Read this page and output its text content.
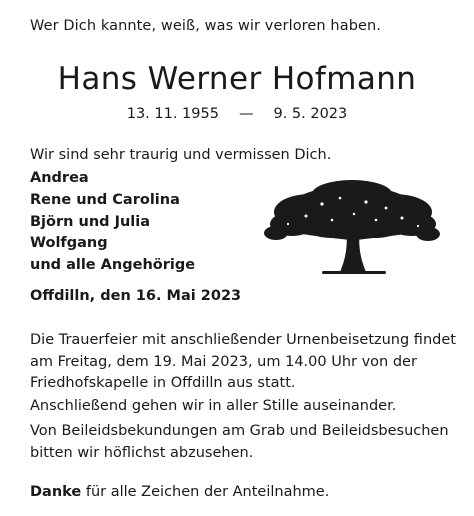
Wer Dich kannte, weiß, was wir verloren haben.
Hans Werner Hofmann
13. 11. 1955 — 9. 5. 2023
Wir sind sehr traurig und vermissen Dich.
Andrea
Rene und Carolina
Björn und Julia
Wolfgang
und alle Angehörige
Offdilln, den 16. Mai 2023

Die Trauerfeier mit anschließender Urnenbeisetzung findet
am Freitag, dem 19. Mai 2023, um 14.00 Uhr von der
Friedhofskapelle in Offdilln aus statt.

Anschließend gehen wir in aller Stille auseinander.

Von Beileidsbekundungen am Grab und Beileidsbesuchen
bitten wir höflichst abzusehen.

Danke für alle Zeichen der Anteilnahme.
